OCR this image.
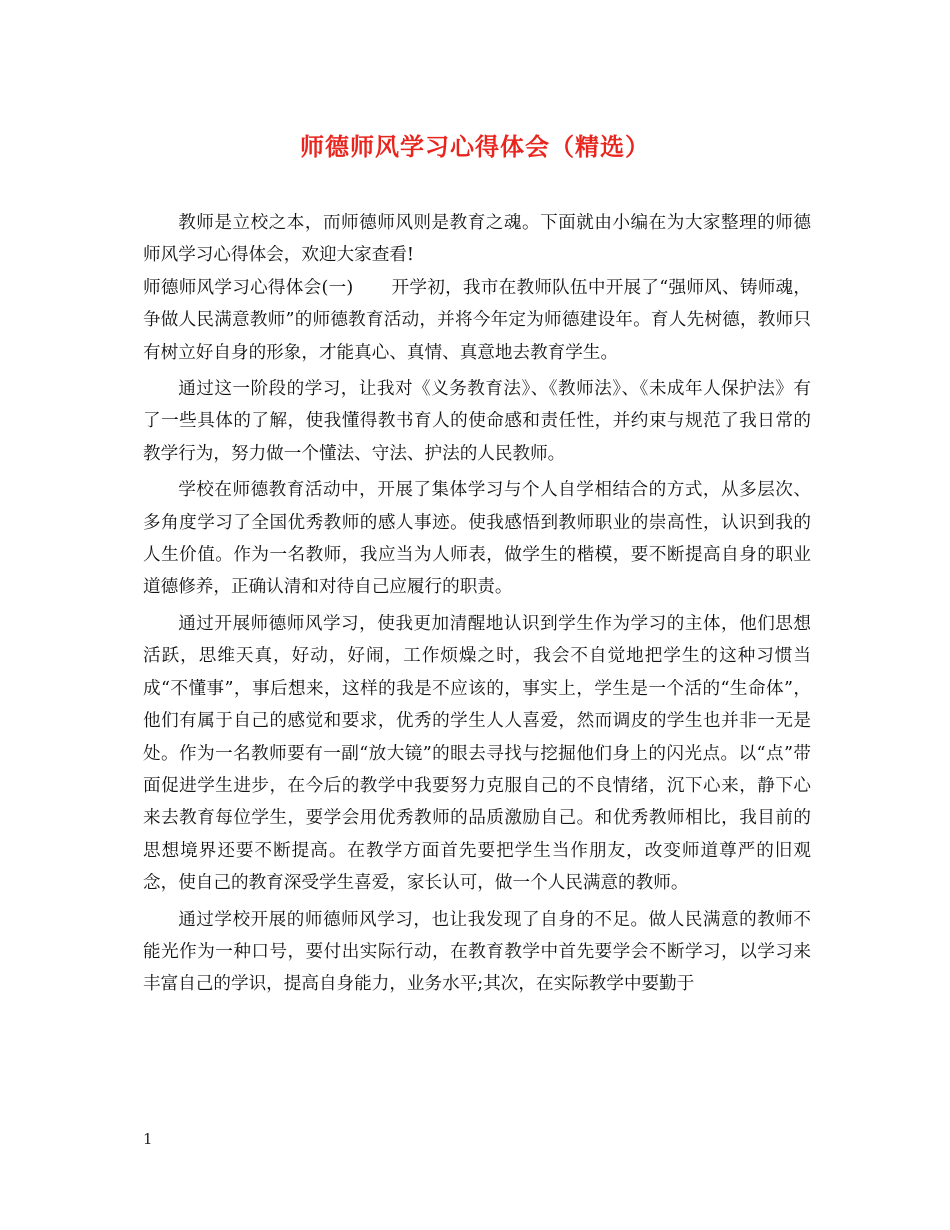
师德师风学习心得体会（精选）

教师是立校之本，而师德师风则是教育之魂。下面就由小编在为大家整理的师德师风学习心得体会，欢迎大家查看!

师德师风学习心得体会(一) 开学初，我市在教师队伍中开展了“强师风、铸师魂，争做人民满意教师”的师德教育活动，并将今年定为师德建设年。育人先树德，教师只有树立好自身的形象，才能真心、真情、真意地去教育学生。

通过这一阶段的学习，让我对《义务教育法》、《教师法》、《未成年人保护法》有了一些具体的了解，使我懂得教书育人的使命感和责任性，并约束与规范了我日常的教学行为，努力做一个懂法、守法、护法的人民教师。

学校在师德教育活动中，开展了集体学习与个人自学相结合的方式，从多层次、多角度学习了全国优秀教师的感人事迹。使我感悟到教师职业的崇高性，认识到我的人生价值。作为一名教师，我应当为人师表，做学生的楷模，要不断提高自身的职业道德修养，正确认清和对待自己应履行的职责。

通过开展师德师风学习，使我更加清醒地认识到学生作为学习的主体，他们思想活跃，思维天真，好动，好闹，工作烦燥之时，我会不自觉地把学生的这种习惯当成“不懂事”，事后想来，这样的我是不应该的，事实上，学生是一个活的“生命体”，他们有属于自己的感觉和要求，优秀的学生人人喜爱，然而调皮的学生也并非一无是处。作为一名教师要有一副“放大镜”的眼去寻找与挖掘他们身上的闪光点。以“点”带面促进学生进步，在今后的教学中我要努力克服自己的不良情绪，沉下心来，静下心来去教育每位学生，要学会用优秀教师的品质激励自己。和优秀教师相比，我目前的思想境界还要不断提高。在教学方面首先要把学生当作朋友，改变师道尊严的旧观念，使自己的教育深受学生喜爱，家长认可，做一个人民满意的教师。

通过学校开展的师德师风学习，也让我发现了自身的不足。做人民满意的教师不能光作为一种口号，要付出实际行动，在教育教学中首先要学会不断学习，以学习来丰富自己的学识，提高自身能力，业务水平;其次，在实际教学中要勤于

1
